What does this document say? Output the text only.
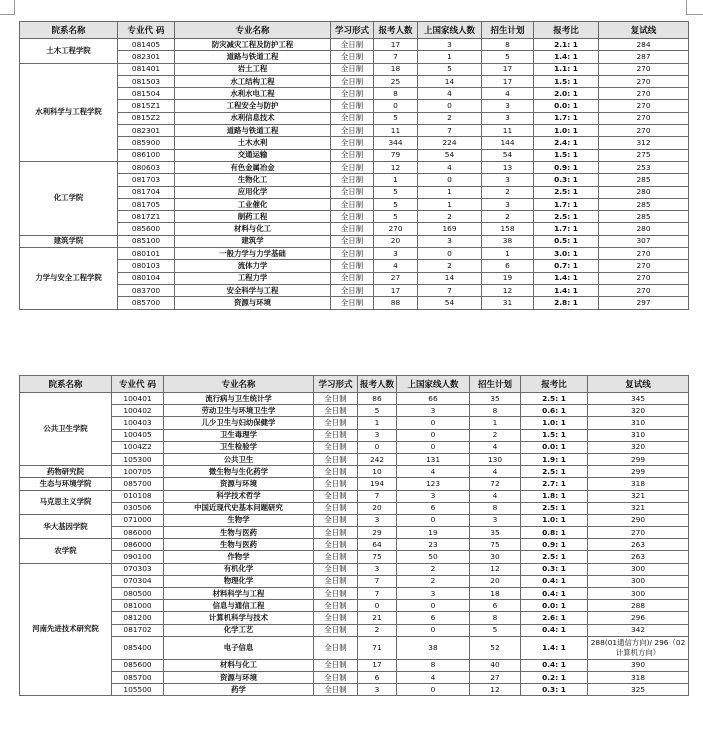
院系名称	专业代 码	专业名称	学习形式	报考人数	上国家线人数	招生计划	报考比	复试线
土木工程学院	081405	防灾减灾工程及防护工程	全日制	17	3	8	2.1: 1	284
	082301	道路与铁道工程	全日制	7	1	5	1.4: 1	287
水利科学与工程学院	081401	岩土工程	全日制	18	5	17	1.1: 1	270
	081503	水工结构工程	全日制	25	14	17	1.5: 1	270
	081504	水利水电工程	全日制	8	4	4	2.0: 1	270
	0815Z1	工程安全与防护	全日制	0	0	3	0.0: 1	270
	0815Z2	水利信息技术	全日制	5	2	3	1.7: 1	270
	082301	道路与铁道工程	全日制	11	7	11	1.0: 1	270
	085900	土木水利	全日制	344	224	144	2.4: 1	312
	086100	交通运输	全日制	79	54	54	1.5: 1	275
化工学院	080603	有色金属冶金	全日制	12	4	13	0.9: 1	253
	081703	生物化工	全日制	1	0	3	0.3: 1	285
	081704	应用化学	全日制	5	1	2	2.5: 1	280
	081705	工业催化	全日制	5	1	3	1.7: 1	285
	0817Z1	制药工程	全日制	5	2	2	2.5: 1	285
	085600	材料与化工	全日制	270	169	158	1.7: 1	280
建筑学院	085100	建筑学	全日制	20	3	38	0.5: 1	307
力学与安全工程学院	080101	一般力学与力学基础	全日制	3	0	1	3.0: 1	270
	080103	流体力学	全日制	4	2	6	0.7: 1	270
	080104	工程力学	全日制	27	14	19	1.4: 1	270
	083700	安全科学与工程	全日制	17	7	12	1.4: 1	270
	085700	资源与环境	全日制	88	54	31	2.8: 1	297
院系名称	专业代 码	专业名称	学习形式	报考人数	上国家线人数	招生计划	报考比	复试线
公共卫生学院	100401	流行病与卫生统计学	全日制	86	66	35	2.5: 1	345
	100402	劳动卫生与环境卫生学	全日制	5	3	8	0.6: 1	320
	100403	儿少卫生与妇幼保健学	全日制	1	0	1	1.0: 1	310
	100405	卫生毒理学	全日制	3	0	2	1.5: 1	310
	1004Z2	卫生检验学	全日制	0	0	4	0.0: 1	320
	105300	公共卫生	全日制	242	131	130	1.9: 1	299
药物研究院	100705	微生物与生化药学	全日制	10	4	4	2.5: 1	299
生态与环境学院	085700	资源与环境	全日制	194	123	72	2.7: 1	318
马克思主义学院	010108	科学技术哲学	全日制	7	3	4	1.8: 1	321
	030506	中国近现代史基本问题研究	全日制	20	6	8	2.5: 1	321
华大基因学院	071000	生物学	全日制	3	0	3	1.0: 1	290
	086000	生物与医药	全日制	29	19	35	0.8: 1	270
农学院	086000	生物与医药	全日制	64	23	75	0.9: 1	263
	090100	作物学	全日制	75	50	30	2.5: 1	263
河南先进技术研究院	070303	有机化学	全日制	3	2	12	0.3: 1	300
	070304	物理化学	全日制	7	2	20	0.4: 1	300
	080500	材料科学与工程	全日制	7	3	18	0.4: 1	300
	081000	信息与通信工程	全日制	0	0	6	0.0: 1	288
	081200	计算机科学与技术	全日制	21	6	8	2.6: 1	296
	081702	化学工艺	全日制	2	0	5	0.4: 1	342
	085400	电子信息	全日制	71	38	52	1.4: 1	288(01通信方向)/ 296（02计算机方向）
	085600	材料与化工	全日制	17	8	40	0.4: 1	390
	085700	资源与环境	全日制	6	4	27	0.2: 1	318
	105500	药学	全日制	3	0	12	0.3: 1	325
